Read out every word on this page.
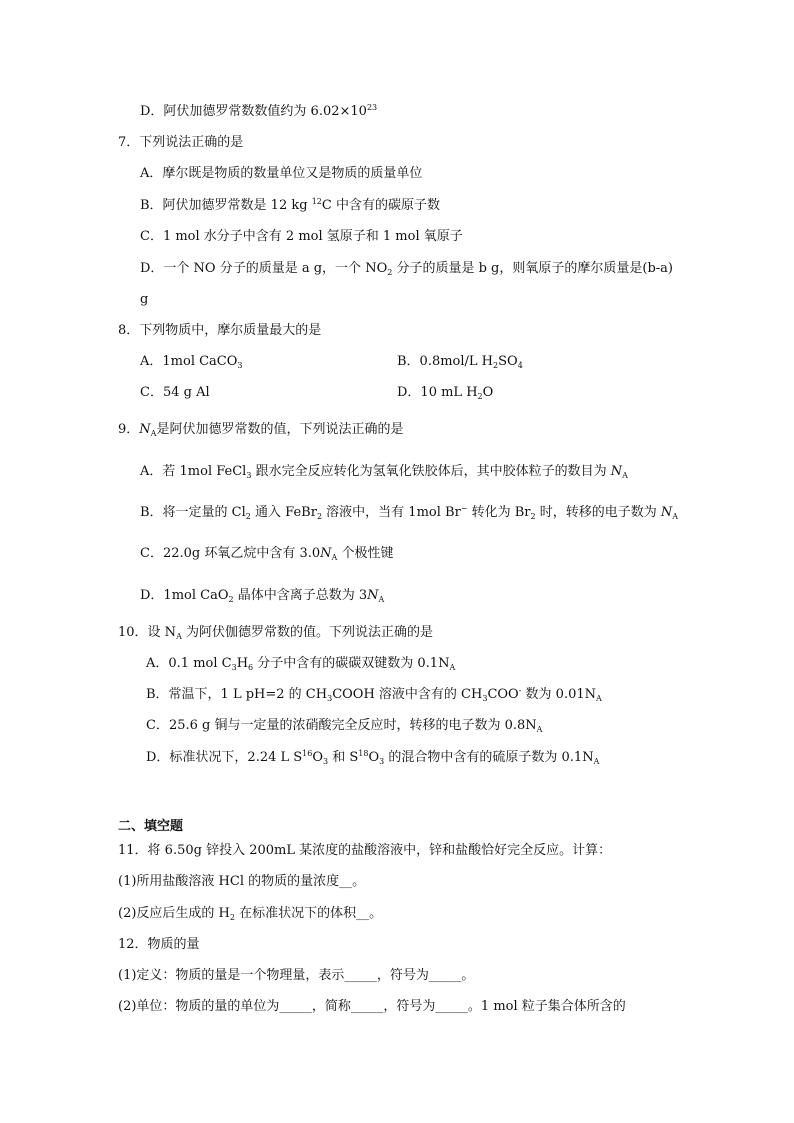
D．阿伏加德罗常数数值约为 $6.02\times 10^{23}$
7．下列说法正确的是
A．摩尔既是物质的数量单位又是物质的质量单位
B．阿伏加德罗常数是 12 kg $^{12}$C 中含有的碳原子数
C．1 mol 水分子中含有 2 mol 氢原子和 1 mol 氧原子
D．一个 NO 分子的质量是 a g，一个 $NO_2$ 分子的质量是 b g，则氧原子的摩尔质量是(b-a)
g
8．下列物质中，摩尔质量最大的是
A．1mol CaCO$_3$	B．0.8mol/L $H_2SO_4$
C．54 g Al	D．10 mL $H_2O$
9．$N_A$是阿伏加德罗常数的值，下列说法正确的是
A．若 1mol FeCl$_3$ 跟水完全反应转化为氢氧化铁胶体后，其中胶体粒子的数目为 $N_A$
B．将一定量的 $Cl_2$ 通入 FeBr$_2$ 溶液中，当有 1mol Br− 转化为 $Br_2$ 时，转移的电子数为 $N_A$
C．22.0g 环氧乙烷中含有 $3.0N_A$ 个极性键
D．1mol CaO$_2$ 晶体中含离子总数为 $3N_A$
10．设 $N_A$ 为阿伏伽德罗常数的值。下列说法正确的是
A．0.1 mol $C_3H_6$ 分子中含有的碳碳双键数为 $0.1N_A$
B．常温下，1 L pH=2 的 $CH_3COOH$ 溶液中含有的 $CH_3COO^-$ 数为 $0.01N_A$
C．25.6 g 铜与一定量的浓硝酸完全反应时，转移的电子数为 $0.8N_A$
D．标准状况下，2.24 L $S^{16}O_3$ 和 $S^{18}O_3$ 的混合物中含有的硫原子数为 $0.1N_A$
二、填空题
11．将 6.50g 锌投入 200mL 某浓度的盐酸溶液中，锌和盐酸恰好完全反应。计算：
(1)所用盐酸溶液 HCl 的物质的量浓度__。
(2)反应后生成的 $H_2$ 在标准状况下的体积__。
12．物质的量
(1)定义：物质的量是一个物理量，表示_____，符号为_____。
(2)单位：物质的量的单位为_____，简称_____，符号为_____。1 mol 粒子集合体所含的
